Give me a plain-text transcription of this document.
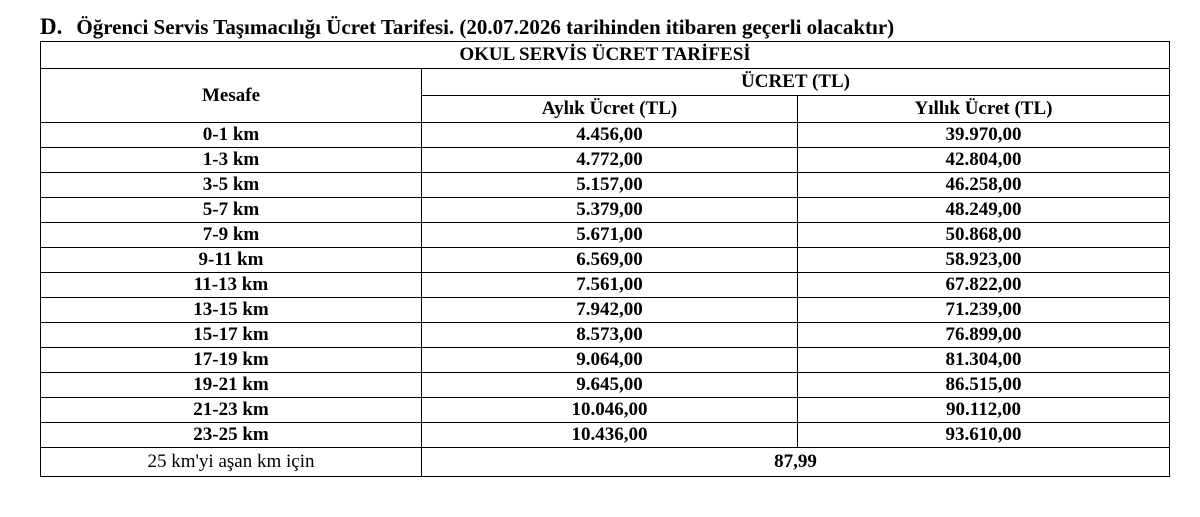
D. Öğrenci Servis Taşımacılığı Ücret Tarifesi. (20.07.2026 tarihinden itibaren geçerli olacaktır)
OKUL SERVİS ÜCRET TARİFESİ		
Mesafe	ÜCRET (TL)	
	Aylık Ücret (TL)	Yıllık Ücret (TL)
0-1 km	4.456,00	39.970,00
1-3 km	4.772,00	42.804,00
3-5 km	5.157,00	46.258,00
5-7 km	5.379,00	48.249,00
7-9 km	5.671,00	50.868,00
9-11 km	6.569,00	58.923,00
11-13 km	7.561,00	67.822,00
13-15 km	7.942,00	71.239,00
15-17 km	8.573,00	76.899,00
17-19 km	9.064,00	81.304,00
19-21 km	9.645,00	86.515,00
21-23 km	10.046,00	90.112,00
23-25 km	10.436,00	93.610,00
25 km'yi aşan km için	87,99	
